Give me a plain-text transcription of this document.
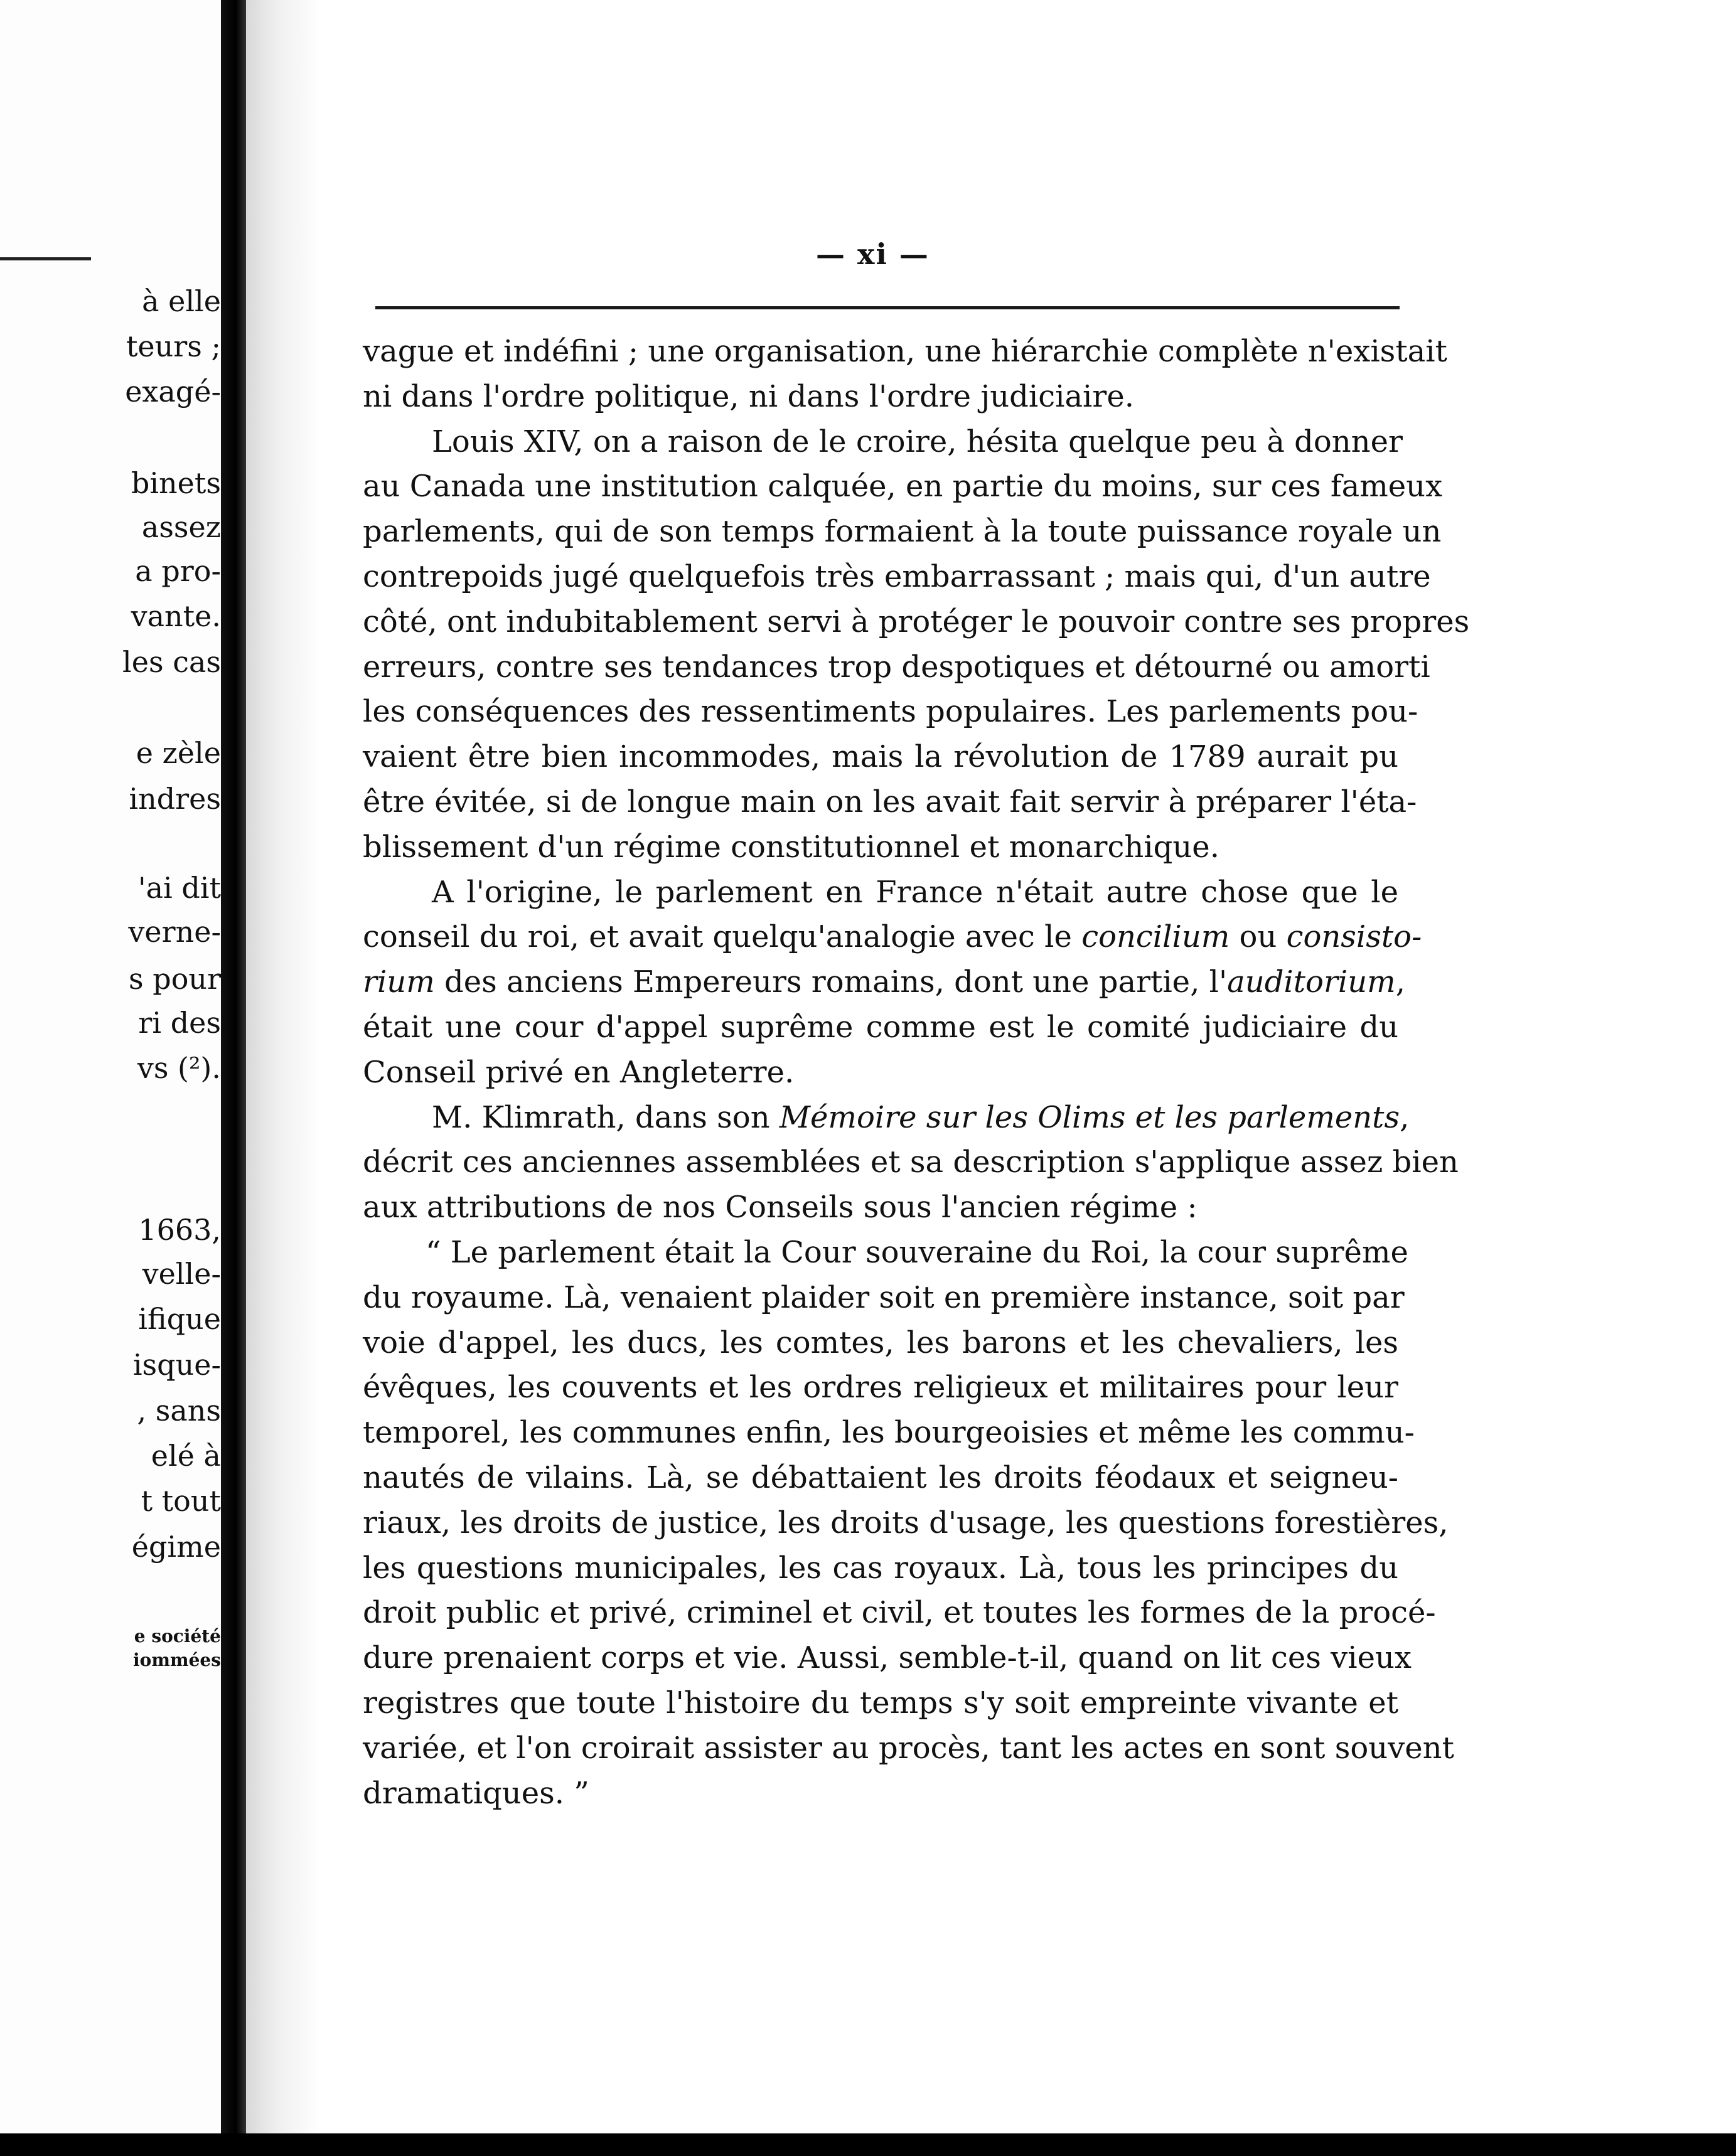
à elle
teurs ;
exagé-
binets
assez
a pro-
vante.
les cas
e zèle
indres
'ai dit
verne-
s pour
ri des
vs (²).
1663,
velle-
ifique
isque-
, sans
elé à
t tout
égime
e société
iommées
— xi —
vague et indéfini ; une organisation, une hiérarchie complète n'existait
ni dans l'ordre politique, ni dans l'ordre judiciaire.
Louis XIV, on a raison de le croire, hésita quelque peu à donner
au Canada une institution calquée, en partie du moins, sur ces fameux
parlements, qui de son temps formaient à la toute puissance royale un
contrepoids jugé quelquefois très embarrassant ; mais qui, d'un autre
côté, ont indubitablement servi à protéger le pouvoir contre ses propres
erreurs, contre ses tendances trop despotiques et détourné ou amorti
les conséquences des ressentiments populaires. Les parlements pou-
vaient être bien incommodes, mais la révolution de 1789 aurait pu
être évitée, si de longue main on les avait fait servir à préparer l'éta-
blissement d'un régime constitutionnel et monarchique.
A l'origine, le parlement en France n'était autre chose que le
conseil du roi, et avait quelqu'analogie avec le concilium ou consisto-
rium des anciens Empereurs romains, dont une partie, l'auditorium,
était une cour d'appel suprême comme est le comité judiciaire du
Conseil privé en Angleterre.
M. Klimrath, dans son Mémoire sur les Olims et les parlements,
décrit ces anciennes assemblées et sa description s'applique assez bien
aux attributions de nos Conseils sous l'ancien régime :
“ Le parlement était la Cour souveraine du Roi, la cour suprême
du royaume. Là, venaient plaider soit en première instance, soit par
voie d'appel, les ducs, les comtes, les barons et les chevaliers, les
évêques, les couvents et les ordres religieux et militaires pour leur
temporel, les communes enfin, les bourgeoisies et même les commu-
nautés de vilains. Là, se débattaient les droits féodaux et seigneu-
riaux, les droits de justice, les droits d'usage, les questions forestières,
les questions municipales, les cas royaux. Là, tous les principes du
droit public et privé, criminel et civil, et toutes les formes de la procé-
dure prenaient corps et vie. Aussi, semble-t-il, quand on lit ces vieux
registres que toute l'histoire du temps s'y soit empreinte vivante et
variée, et l'on croirait assister au procès, tant les actes en sont souvent
dramatiques. ”
